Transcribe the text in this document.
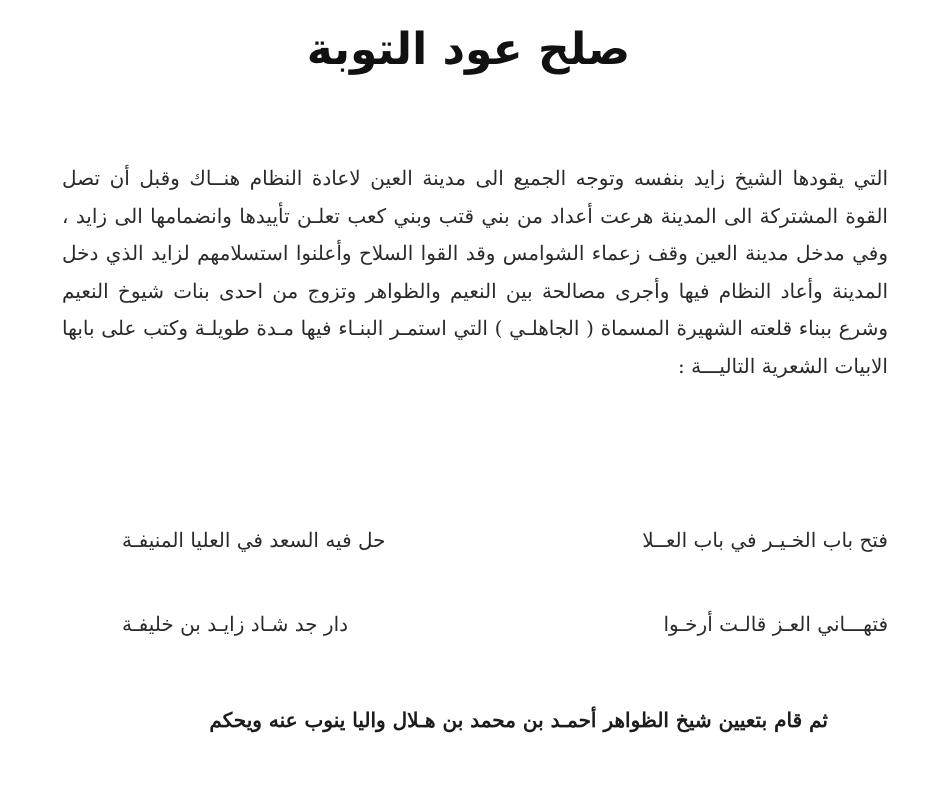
صلح عود التوبة

التي يقودها الشيخ زايد بنفسه وتوجه الجميع الى مدينة العين لاعادة النظام هنــاك وقبل أن تصل القوة المشتركة الى المدينة هرعت أعداد من بني قتب وبني كعب تعلـن تأييدها وانضمامها الى زايد ، وفي مدخل مدينة العين وقف زعماء الشوامس وقد القوا السلاح وأعلنوا استسلامهم لزايد الذي دخل المدينة وأعاد النظام فيها وأجرى مصالحة بين النعيم والظواهر وتزوج من احدى بنات شيوخ النعيم وشرع ببناء قلعته الشهيرة المسماة ( الجاهلـي ) التي استمـر البنـاء فيها مـدة طويلـة وكتب على بابها الابيات الشعرية التاليـــة :

فتح باب الخـيـر في باب العــلا
حل فيه السعد في العليا المنيفـة
فتهـــاني العـز قالـت أرخـوا
دار جد شـاد زايـد بن خليفـة
ثم قام بتعيين شيخ الظواهر أحمـد بن محمد بن هـلال واليا ينوب عنه ويحكم
